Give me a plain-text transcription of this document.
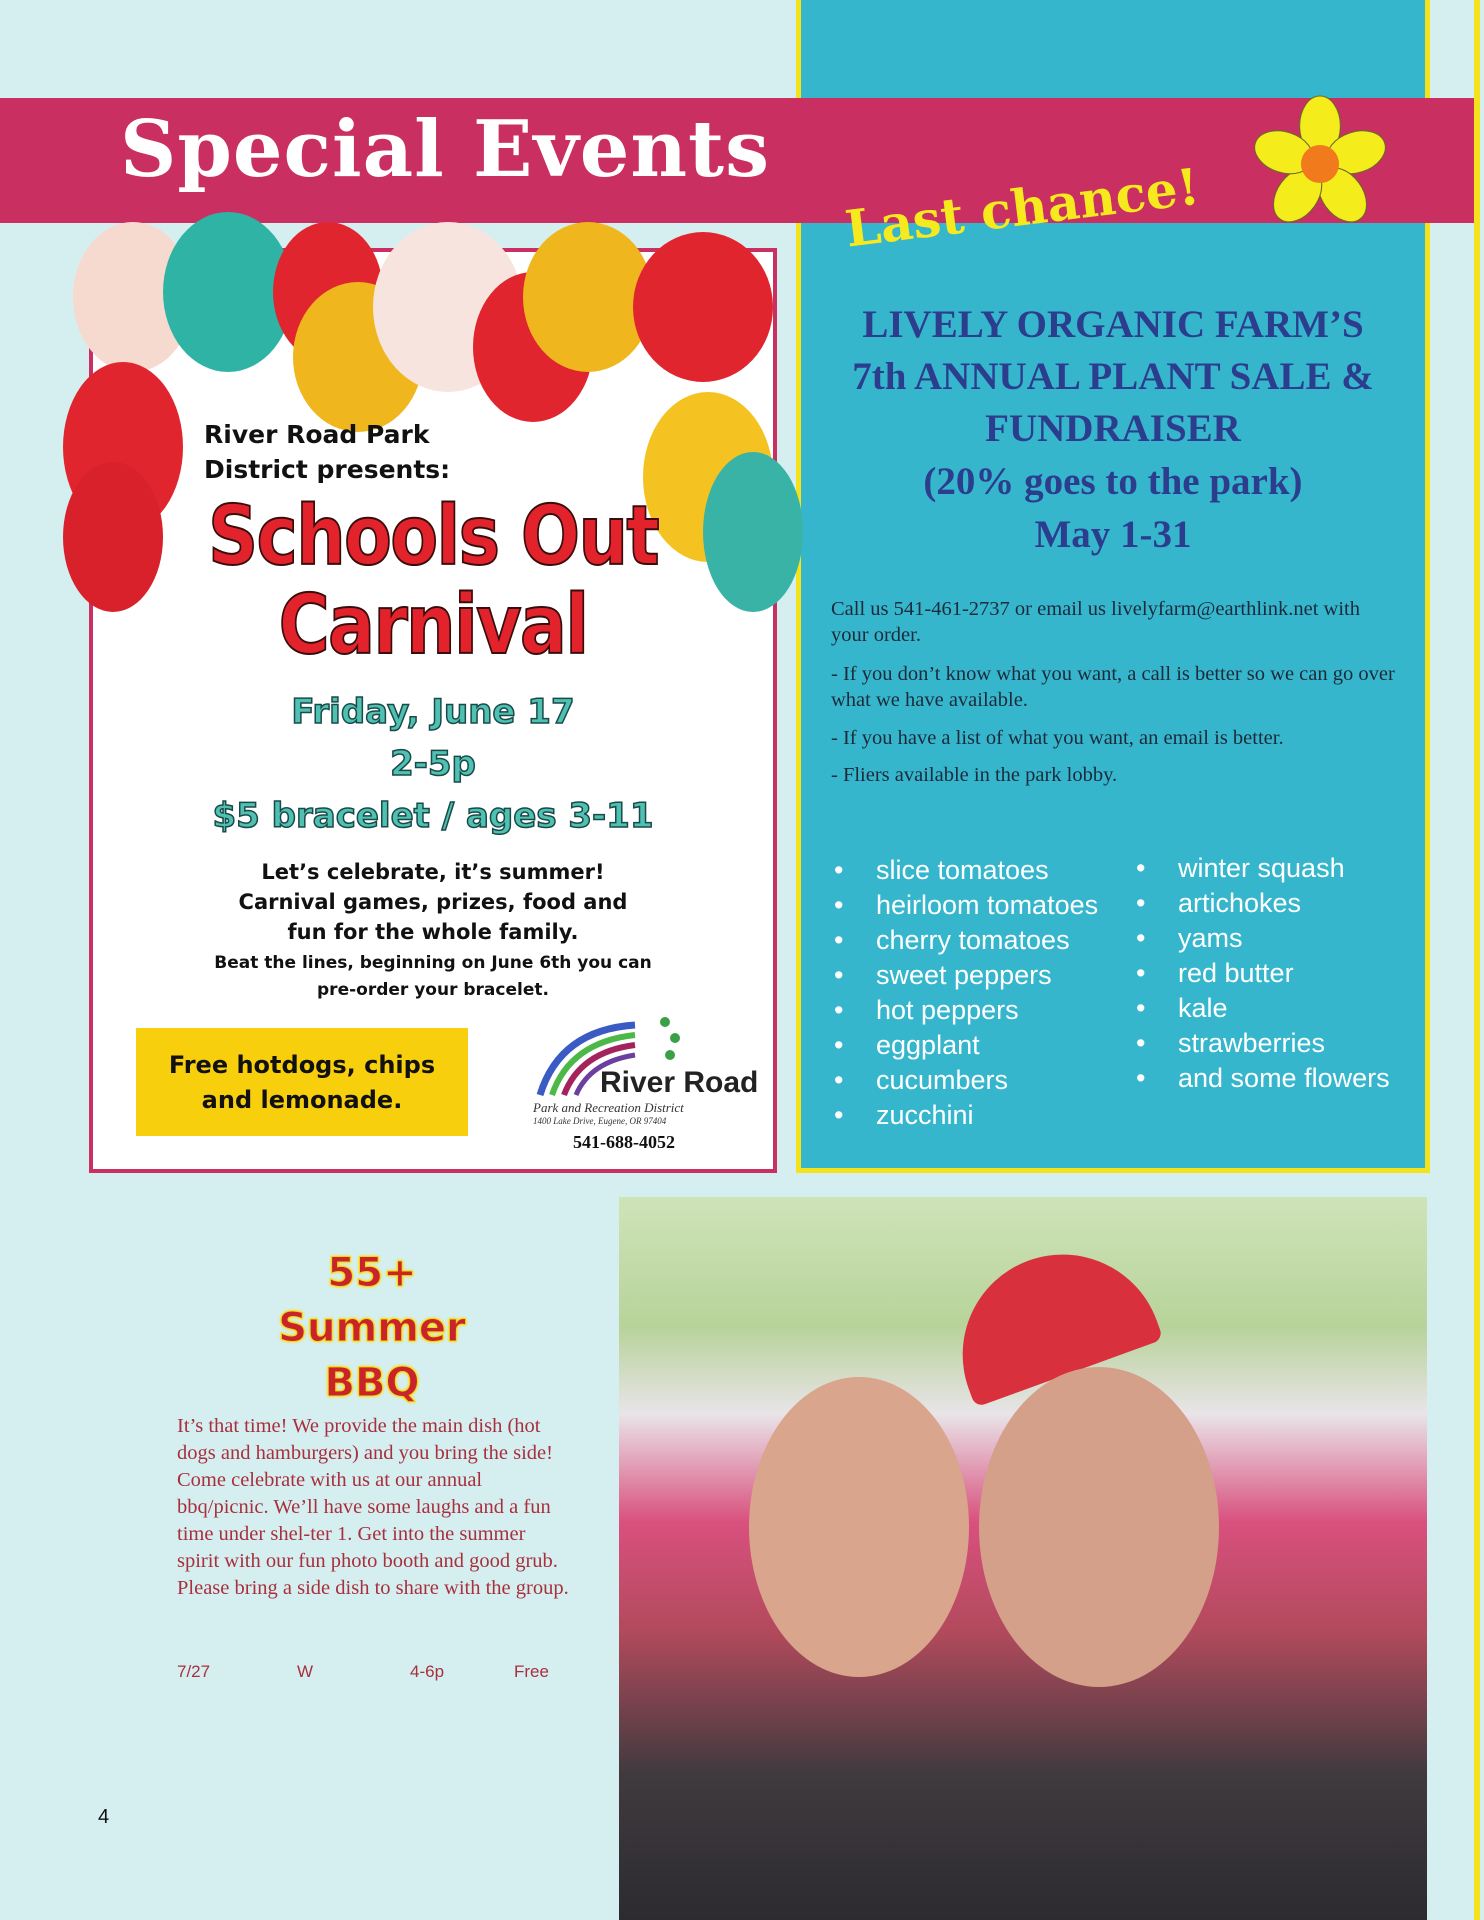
Special Events
Last chance!
LIVELY ORGANIC FARM’S
7th ANNUAL PLANT SALE &
FUNDRAISER
(20% goes to the park)
May 1-31
Call us 541-461-2737 or email us livelyfarm@earthlink.net with your order.
- If you don’t know what you want, a call is better so we can go over what we have available.
- If you have a list of what you want, an email is better.
- Fliers available in the park lobby.
•	slice tomatoes
•	heirloom tomatoes
•	cherry tomatoes
•	sweet peppers
•	hot peppers
•	eggplant
•	cucumbers
•	zucchini
•	winter squash
•	artichokes
•	yams
•	red butter
•	kale
•	strawberries
•	and some flowers
River Road Park
District presents:
Schools Out
Carnival
Friday, June 17
2-5p
$5 bracelet / ages 3-11
Let’s celebrate, it’s summer!
Carnival games, prizes, food and
fun for the whole family.
Beat the lines, beginning on June 6th you can
pre-order your bracelet.
Free hotdogs, chips
and lemonade.
River Road
Park and Recreation District
1400 Lake Drive, Eugene, OR 97404
541-688-4052
55+
Summer
BBQ
It’s that time! We provide the main dish (hot dogs and hamburgers) and you bring the side! Come celebrate with us at our annual bbq/picnic. We’ll have some laughs and a fun time under shel-ter 1. Get into the summer spirit with our fun photo booth and good grub. Please bring a side dish to share with the group.
7/27	W	4-6p	Free
4
